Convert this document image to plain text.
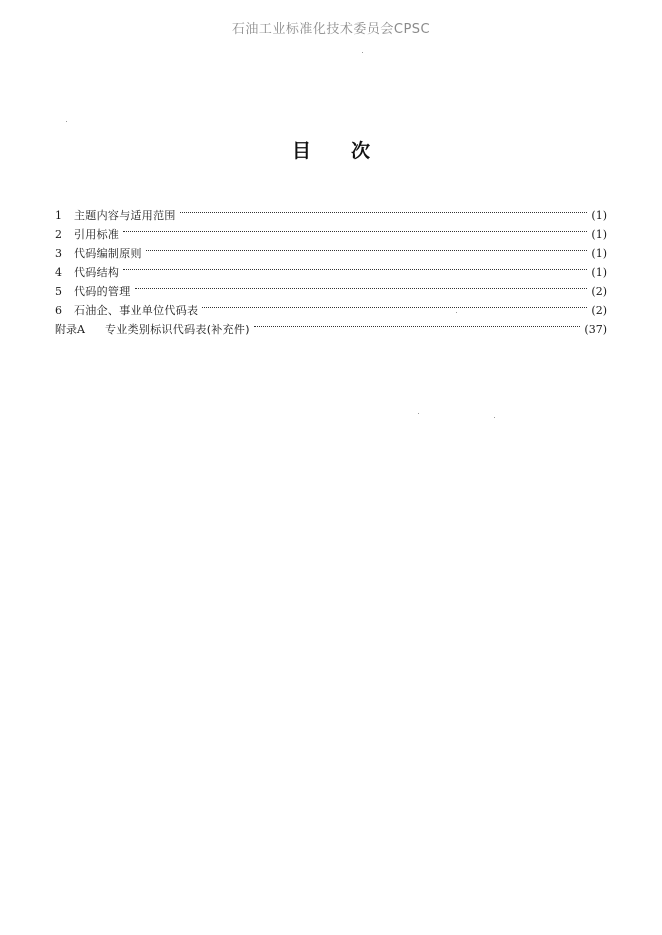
石油工业标准化技术委员会CPSC
目 次
1	主题内容与适用范围	(1)
2	引用标准	(1)
3	代码编制原则	(1)
4	代码结构	(1)
5	代码的管理	(2)
6	石油企、事业单位代码表	(2)
附录A	专业类别标识代码表(补充件)	(37)
